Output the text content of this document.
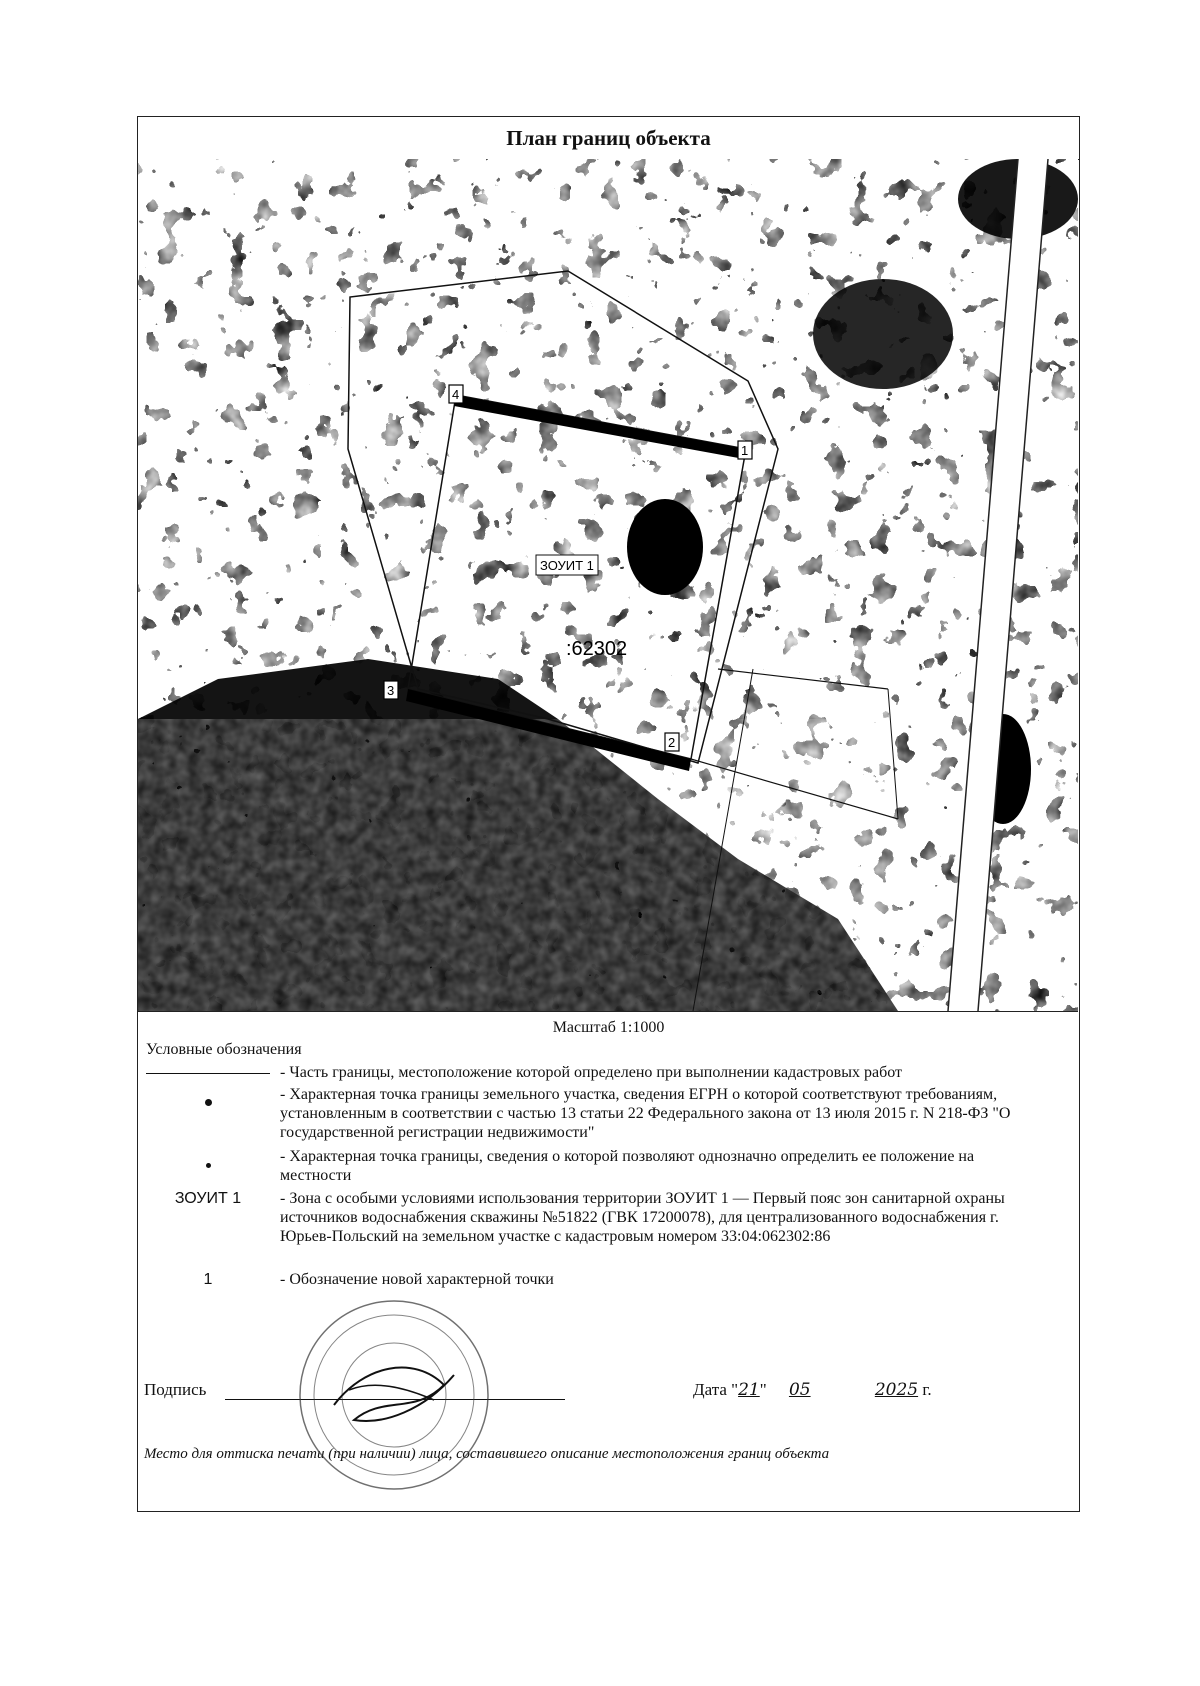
План границ объекта
:62302
ЗОУИТ 1
4
1
3
2
Масштаб 1:1000
Условные обозначения
- Часть границы, местоположение которой определено при выполнении кадастровых работ
- Характерная точка границы земельного участка, сведения ЕГРН о которой соответствуют требованиям, установленным в соответствии с частью 13 статьи 22 Федерального закона от 13 июля 2015 г. N 218-ФЗ "О государственной регистрации недвижимости"
- Характерная точка границы, сведения о которой позволяют однозначно определить ее положение на местности
ЗОУИТ 1	- Зона с особыми условиями использования территории ЗОУИТ 1 — Первый пояс зон санитарной охраны источников водоснабжения скважины №51822 (ГВК 17200078), для централизованного водоснабжения г. Юрьев-Польский на земельном участке с кадастровым номером 33:04:062302:86
1	- Обозначение новой характерной точки
Подпись	Дата "21" 05	2025 г.
Место для оттиска печати (при наличии) лица, составившего описание местоположения границ объекта
